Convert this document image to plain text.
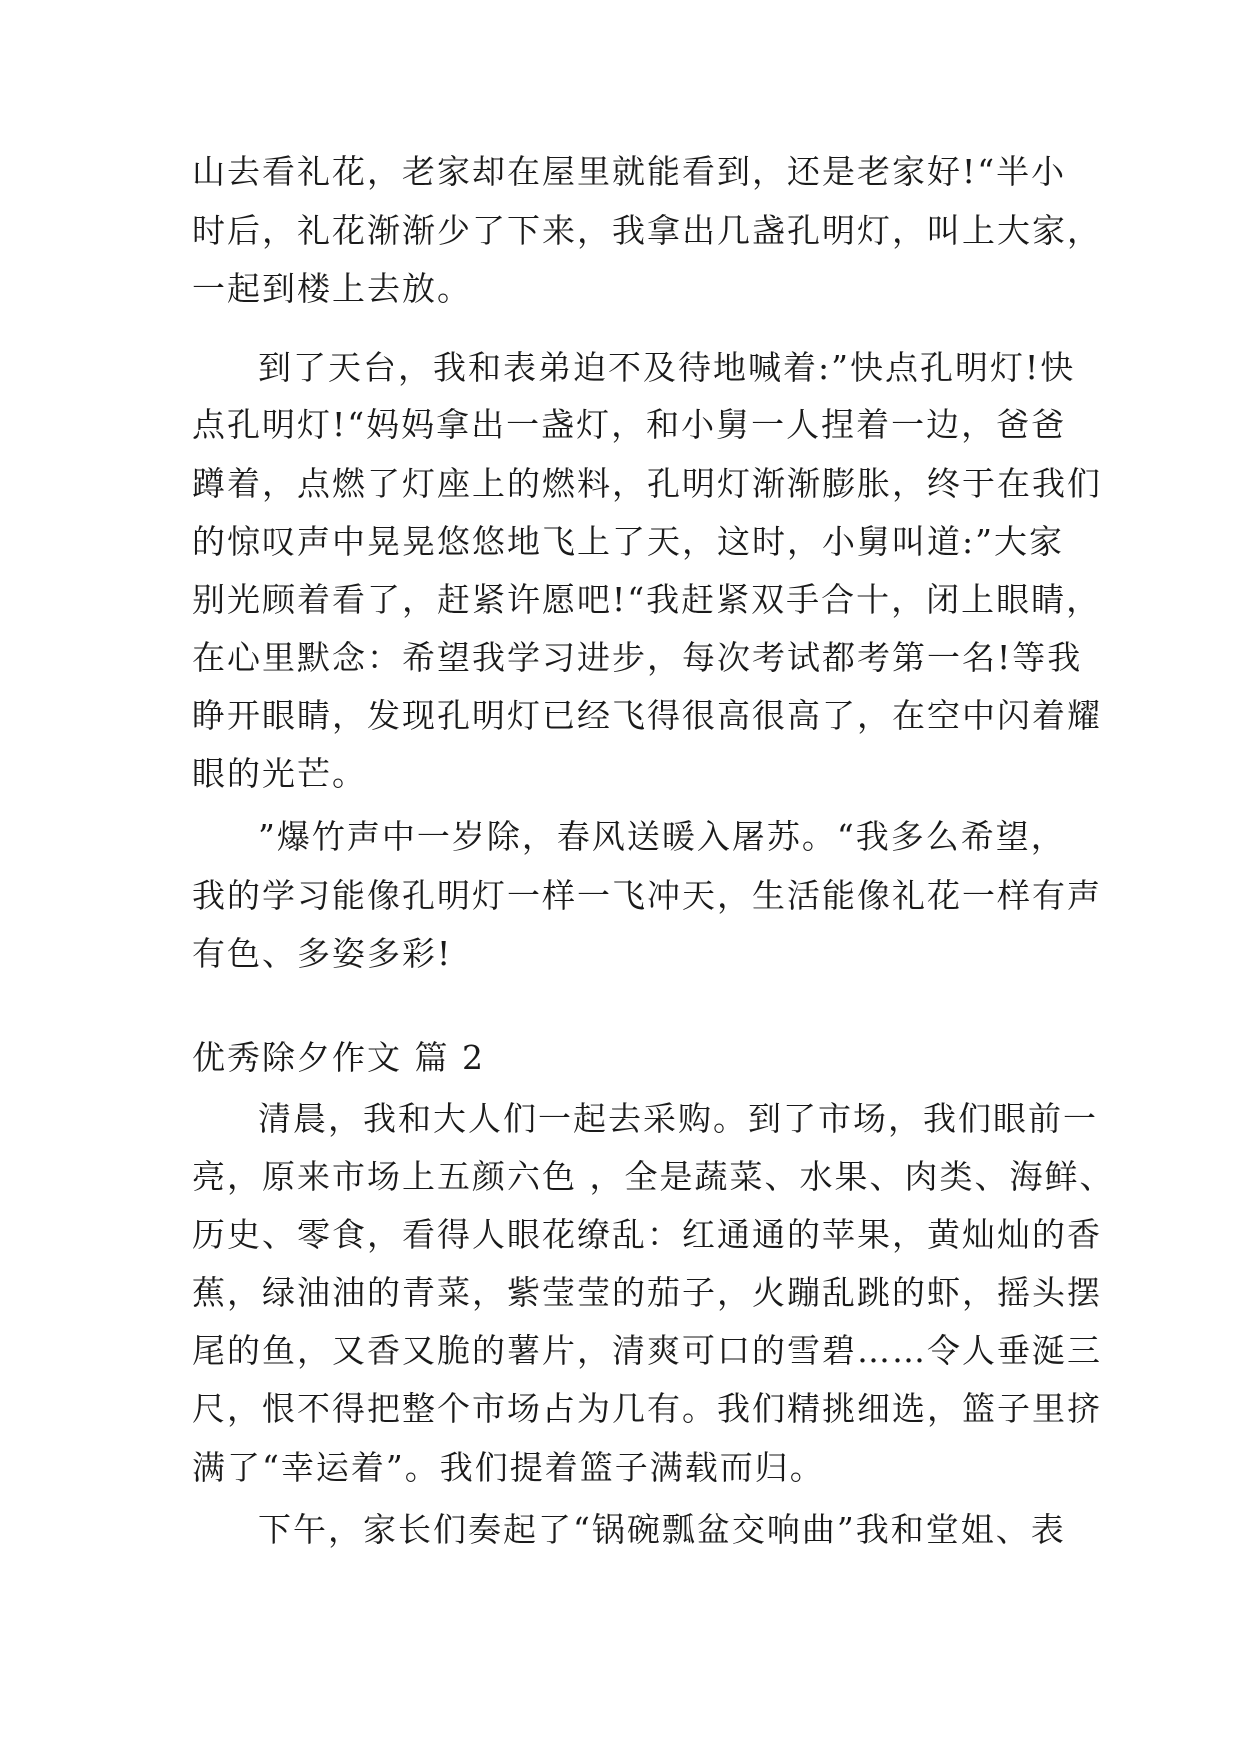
山去看礼花，老家却在屋里就能看到，还是老家好!“半小
时后，礼花渐渐少了下来，我拿出几盏孔明灯，叫上大家，
一起到楼上去放。
到了天台，我和表弟迫不及待地喊着:”快点孔明灯!快
点孔明灯!“妈妈拿出一盏灯，和小舅一人捏着一边，爸爸
蹲着，点燃了灯座上的燃料，孔明灯渐渐膨胀，终于在我们
的惊叹声中晃晃悠悠地飞上了天，这时，小舅叫道:”大家
别光顾着看了，赶紧许愿吧!“我赶紧双手合十，闭上眼睛，
在心里默念：希望我学习进步，每次考试都考第一名!等我
睁开眼睛，发现孔明灯已经飞得很高很高了，在空中闪着耀
眼的光芒。
”爆竹声中一岁除，春风送暖入屠苏。“我多么希望，
我的学习能像孔明灯一样一飞冲天，生活能像礼花一样有声
有色、多姿多彩!
优秀除夕作文 篇 2
清晨，我和大人们一起去采购。到了市场，我们眼前一
亮，原来市场上五颜六色 ，全是蔬菜、水果、肉类、海鲜、
历史、零食，看得人眼花缭乱：红通通的苹果，黄灿灿的香
蕉，绿油油的青菜，紫莹莹的茄子，火蹦乱跳的虾，摇头摆
尾的鱼，又香又脆的薯片，清爽可口的雪碧……令人垂涎三
尺，恨不得把整个市场占为几有。我们精挑细选，篮子里挤
满了“幸运着”。我们提着篮子满载而归。
下午，家长们奏起了“锅碗瓢盆交响曲”我和堂姐、表
